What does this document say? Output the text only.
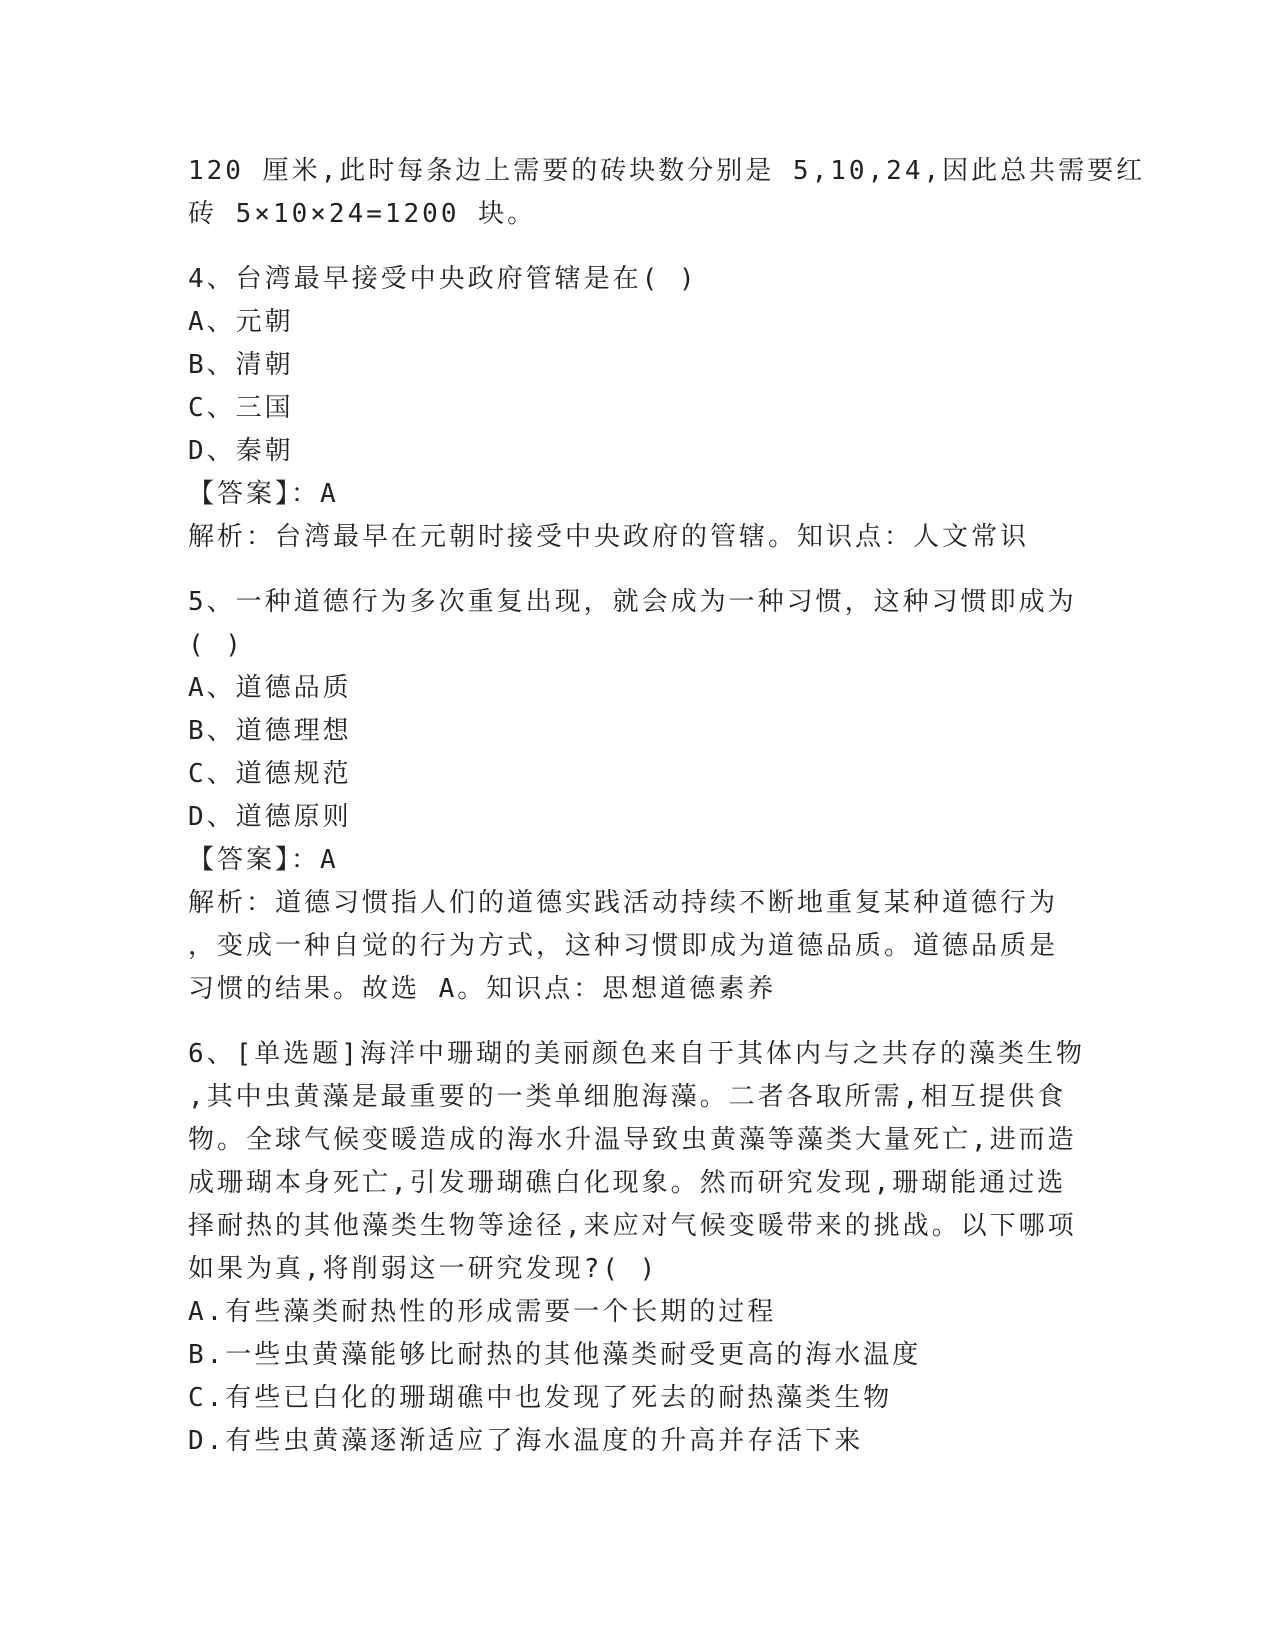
120 厘米,此时每条边上需要的砖块数分别是 5,10,24,因此总共需要红
砖 5×10×24=1200 块。
4、台湾最早接受中央政府管辖是在( )
A、元朝
B、清朝
C、三国
D、秦朝
【答案】：A
解析：台湾最早在元朝时接受中央政府的管辖。知识点：人文常识
5、一种道德行为多次重复出现，就会成为一种习惯，这种习惯即成为
( )
A、道德品质
B、道德理想
C、道德规范
D、道德原则
【答案】：A
解析：道德习惯指人们的道德实践活动持续不断地重复某种道德行为
，变成一种自觉的行为方式，这种习惯即成为道德品质。道德品质是
习惯的结果。故选 A。知识点：思想道德素养
6、[单选题]海洋中珊瑚的美丽颜色来自于其体内与之共存的藻类生物
,其中虫黄藻是最重要的一类单细胞海藻。二者各取所需,相互提供食
物。全球气候变暖造成的海水升温导致虫黄藻等藻类大量死亡,进而造
成珊瑚本身死亡,引发珊瑚礁白化现象。然而研究发现,珊瑚能通过选
择耐热的其他藻类生物等途径,来应对气候变暖带来的挑战。以下哪项
如果为真,将削弱这一研究发现?( )
A.有些藻类耐热性的形成需要一个长期的过程
B.一些虫黄藻能够比耐热的其他藻类耐受更高的海水温度
C.有些已白化的珊瑚礁中也发现了死去的耐热藻类生物
D.有些虫黄藻逐渐适应了海水温度的升高并存活下来
